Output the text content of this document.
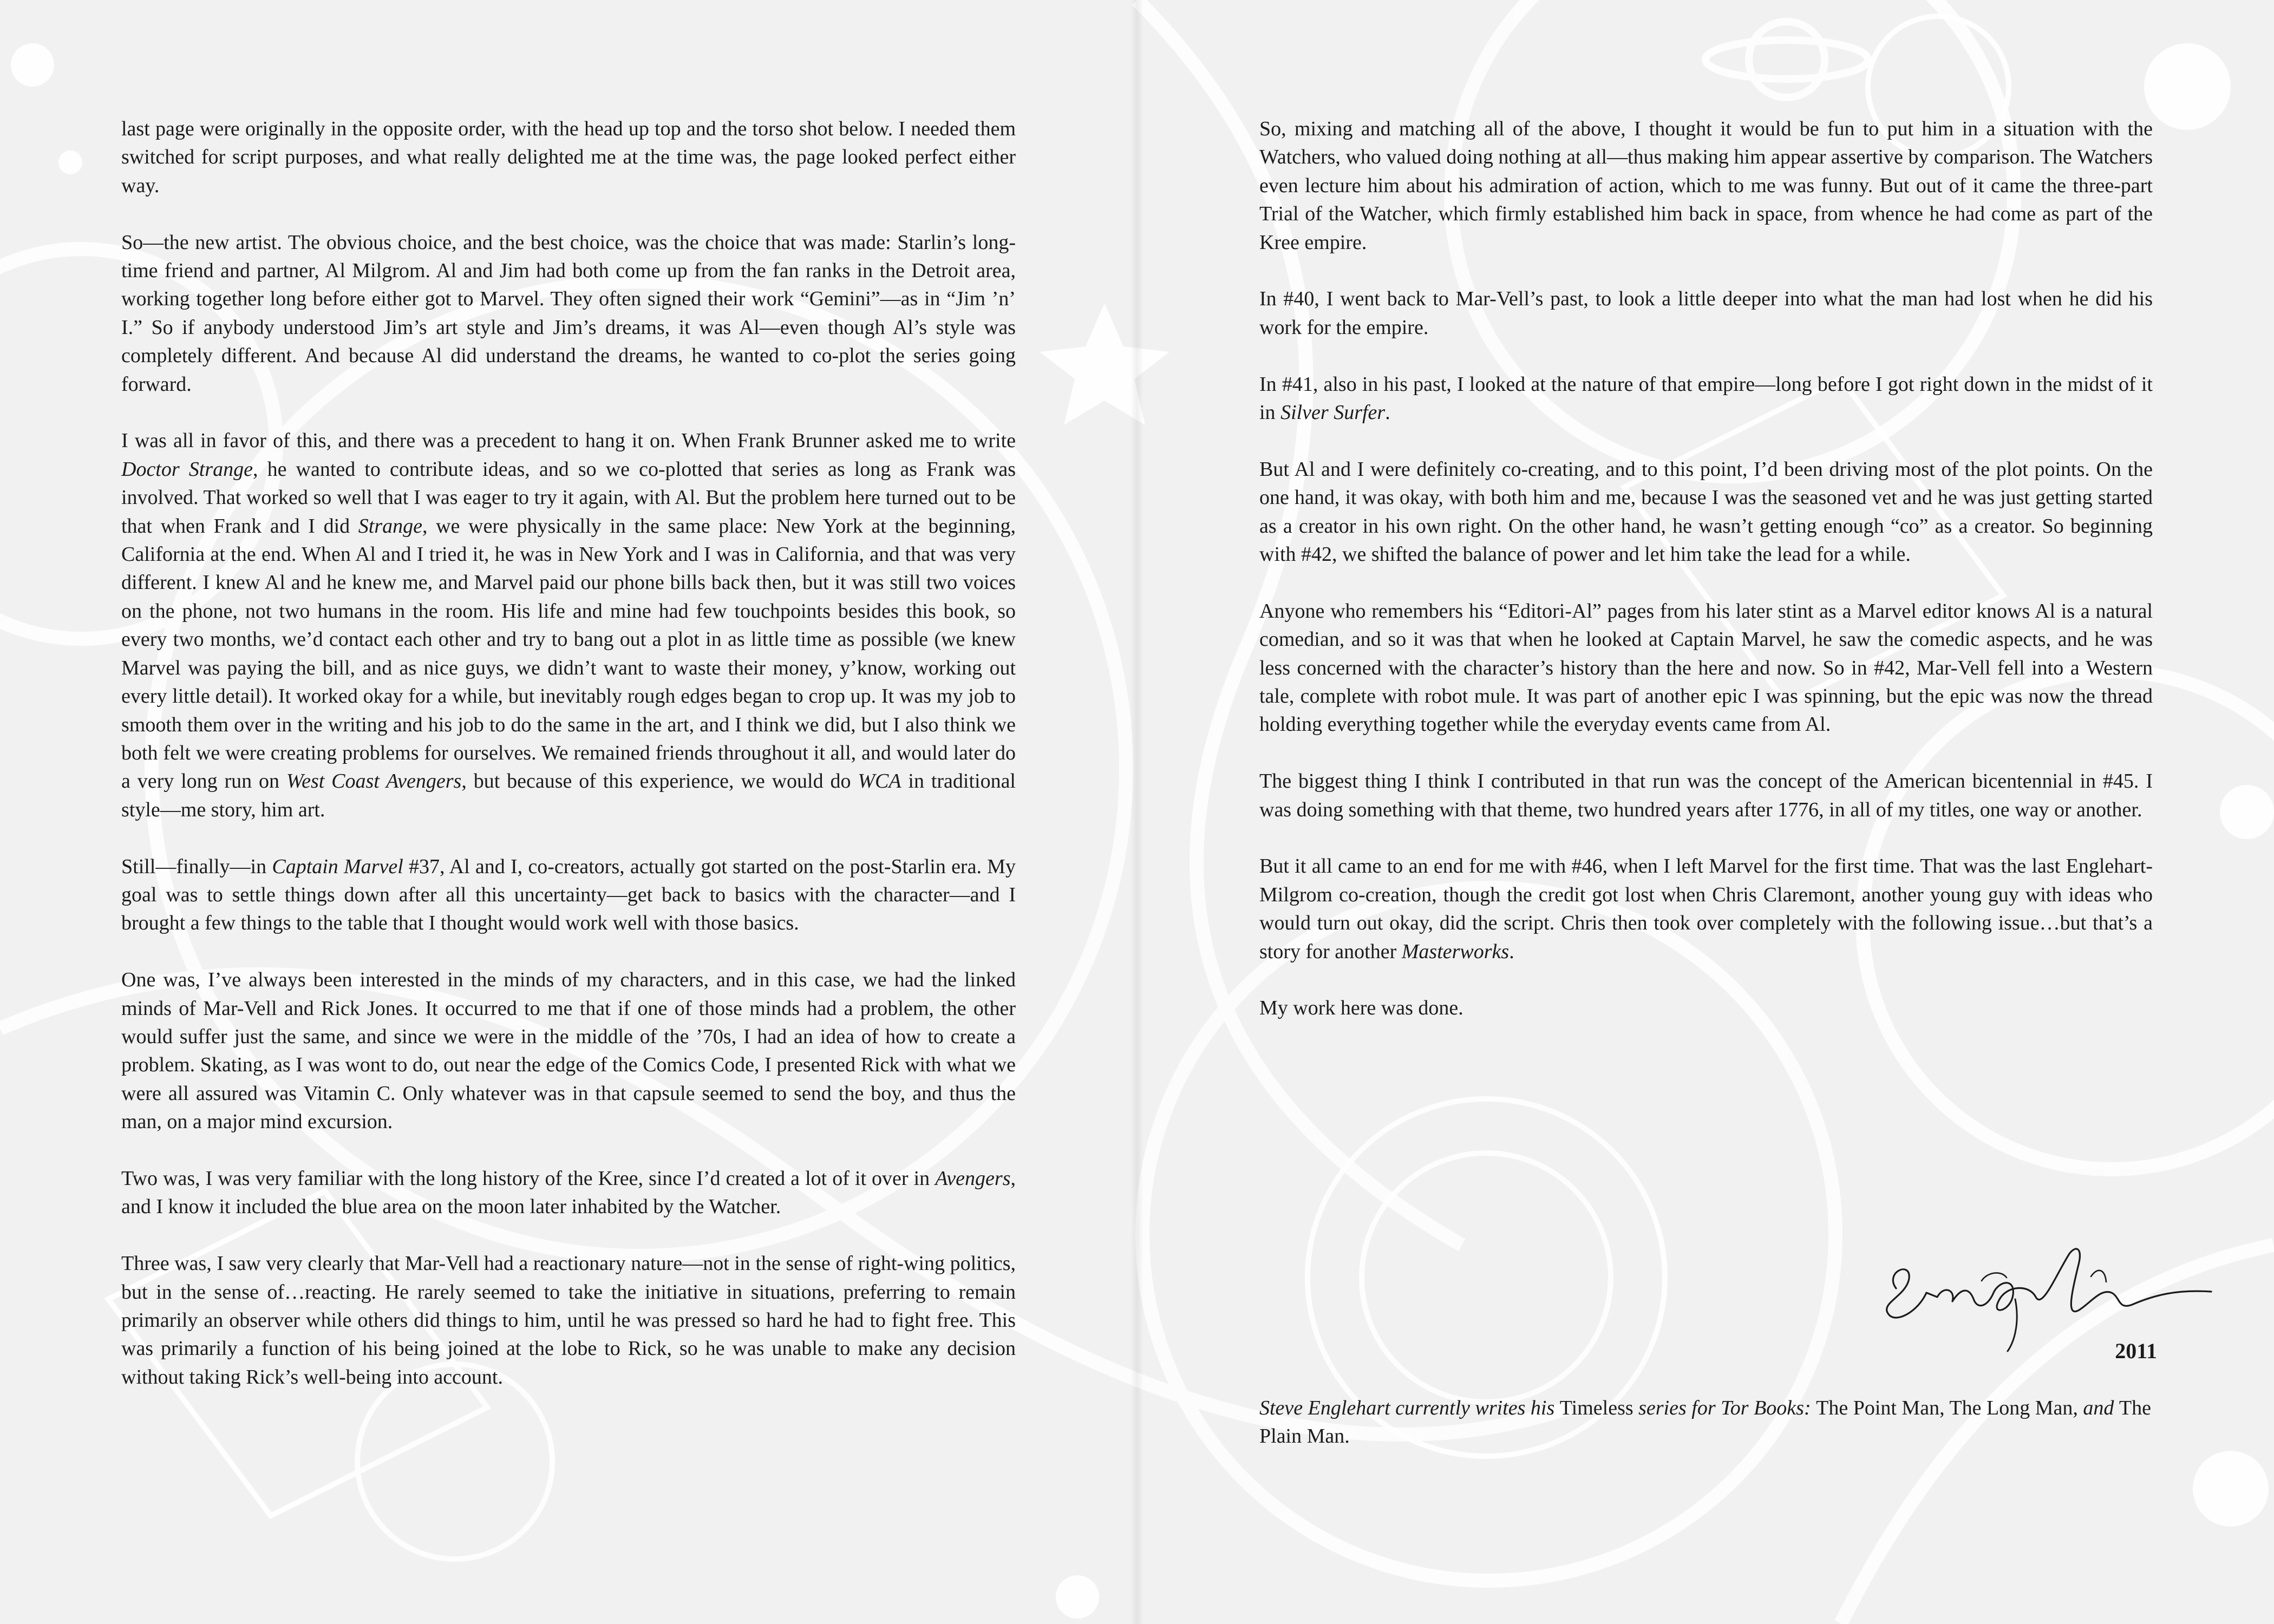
last page were originally in the opposite order, with the head up top and the torso shot below. I needed them switched for script purposes, and what really delighted me at the time was, the page looked perfect either way.

So—the new artist. The obvious choice, and the best choice, was the choice that was made: Starlin’s long-time friend and partner, Al Milgrom. Al and Jim had both come up from the fan ranks in the Detroit area, working together long before either got to Marvel. They often signed their work “Gemini”—as in “Jim ’n’ I.” So if anybody understood Jim’s art style and Jim’s dreams, it was Al—even though Al’s style was completely different. And because Al did understand the dreams, he wanted to co-plot the series going forward.

I was all in favor of this, and there was a precedent to hang it on. When Frank Brunner asked me to write Doctor Strange, he wanted to contribute ideas, and so we co-plotted that series as long as Frank was involved. That worked so well that I was eager to try it again, with Al. But the problem here turned out to be that when Frank and I did Strange, we were physically in the same place: New York at the beginning, California at the end. When Al and I tried it, he was in New York and I was in California, and that was very different. I knew Al and he knew me, and Marvel paid our phone bills back then, but it was still two voices on the phone, not two humans in the room. His life and mine had few touchpoints besides this book, so every two months, we’d contact each other and try to bang out a plot in as little time as possible (we knew Marvel was paying the bill, and as nice guys, we didn’t want to waste their money, y’know, working out every little detail). It worked okay for a while, but inevitably rough edges began to crop up. It was my job to smooth them over in the writing and his job to do the same in the art, and I think we did, but I also think we both felt we were creating problems for ourselves. We remained friends throughout it all, and would later do a very long run on West Coast Avengers, but because of this experience, we would do WCA in traditional style—me story, him art.

Still—finally—in Captain Marvel #37, Al and I, co-creators, actually got started on the post-Starlin era. My goal was to settle things down after all this uncertainty—get back to basics with the character—and I brought a few things to the table that I thought would work well with those basics.

One was, I’ve always been interested in the minds of my characters, and in this case, we had the linked minds of Mar-Vell and Rick Jones. It occurred to me that if one of those minds had a problem, the other would suffer just the same, and since we were in the middle of the ’70s, I had an idea of how to create a problem. Skating, as I was wont to do, out near the edge of the Comics Code, I presented Rick with what we were all assured was Vitamin C. Only whatever was in that capsule seemed to send the boy, and thus the man, on a major mind excursion.

Two was, I was very familiar with the long history of the Kree, since I’d created a lot of it over in Avengers, and I know it included the blue area on the moon later inhabited by the Watcher.

Three was, I saw very clearly that Mar-Vell had a reactionary nature—not in the sense of right-wing politics, but in the sense of…reacting. He rarely seemed to take the initiative in situations, preferring to remain primarily an observer while others did things to him, until he was pressed so hard he had to fight free. This was primarily a function of his being joined at the lobe to Rick, so he was unable to make any decision without taking Rick’s well-being into account.

So, mixing and matching all of the above, I thought it would be fun to put him in a situation with the Watchers, who valued doing nothing at all—thus making him appear assertive by comparison. The Watchers even lecture him about his admiration of action, which to me was funny. But out of it came the three-part Trial of the Watcher, which firmly established him back in space, from whence he had come as part of the Kree empire.

In #40, I went back to Mar-Vell’s past, to look a little deeper into what the man had lost when he did his work for the empire.

In #41, also in his past, I looked at the nature of that empire—long before I got right down in the midst of it in Silver Surfer.

But Al and I were definitely co-creating, and to this point, I’d been driving most of the plot points. On the one hand, it was okay, with both him and me, because I was the seasoned vet and he was just getting started as a creator in his own right. On the other hand, he wasn’t getting enough “co” as a creator. So beginning with #42, we shifted the balance of power and let him take the lead for a while.

Anyone who remembers his “Editori-Al” pages from his later stint as a Marvel editor knows Al is a natural comedian, and so it was that when he looked at Captain Marvel, he saw the comedic aspects, and he was less concerned with the character’s history than the here and now. So in #42, Mar-Vell fell into a Western tale, complete with robot mule. It was part of another epic I was spinning, but the epic was now the thread holding everything together while the everyday events came from Al.

The biggest thing I think I contributed in that run was the concept of the American bicentennial in #45. I was doing something with that theme, two hundred years after 1776, in all of my titles, one way or another.

But it all came to an end for me with #46, when I left Marvel for the first time. That was the last Englehart-Milgrom co-creation, though the credit got lost when Chris Claremont, another young guy with ideas who would turn out okay, did the script. Chris then took over completely with the following issue…but that’s a story for another Masterworks.

My work here was done.

2011
Steve Englehart currently writes his Timeless series for Tor Books: The Point Man, The Long Man, and The Plain Man.
